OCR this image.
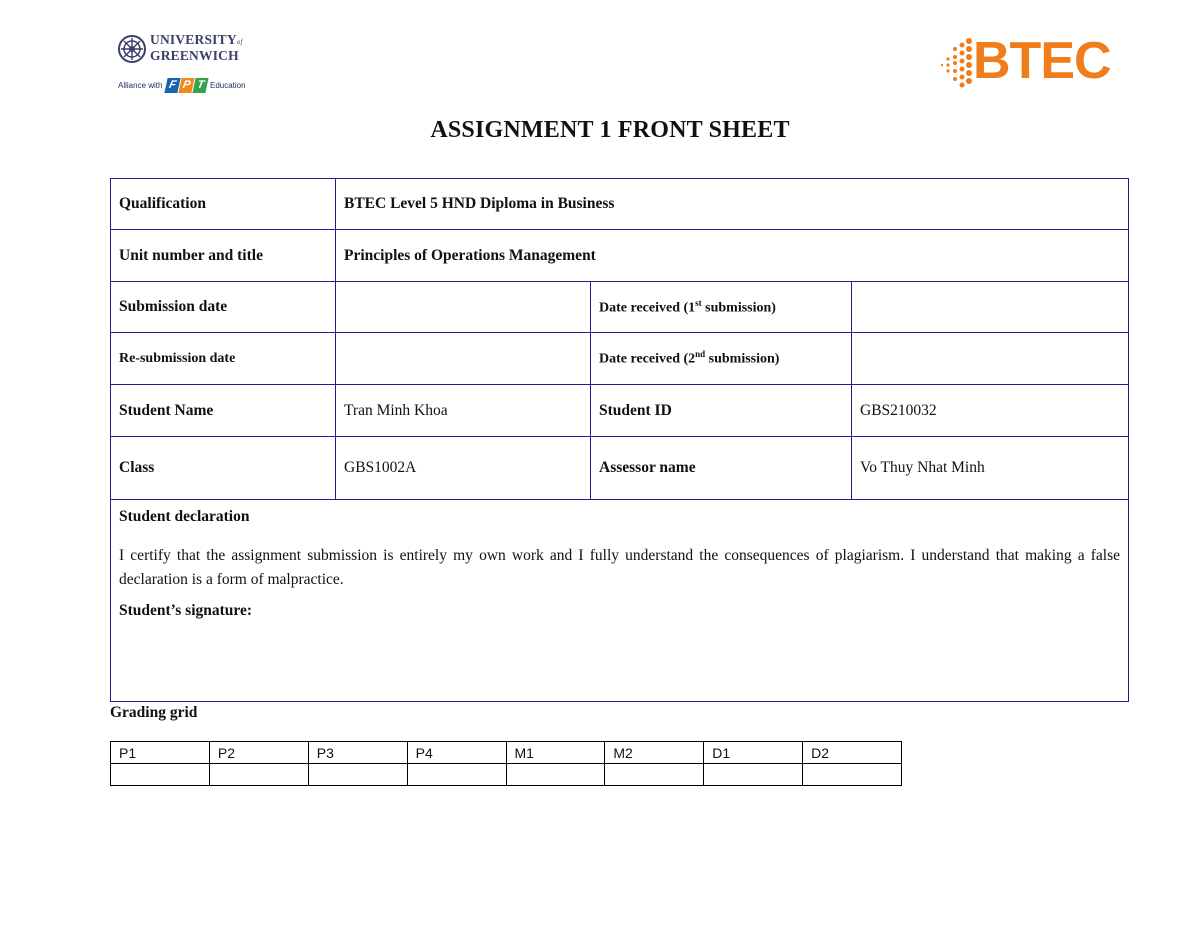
UNIVERSITYof
GREENWICH
Alliance with F P T Education	BTEC
ASSIGNMENT 1 FRONT SHEET
Qualification	BTEC Level 5 HND Diploma in Business		
Unit number and title	Principles of Operations Management		
Submission date		Date received (1st submission)	
Re-submission date		Date received (2nd submission)	
Student Name	Tran Minh Khoa	Student ID	GBS210032
Class	GBS1002A	Assessor name	Vo Thuy Nhat Minh

Student declaration

I certify that the assignment submission is entirely my own work and I fully understand the consequences of plagiarism. I understand that making a false declaration is a form of malpractice.

Student’s signature:			

Grading grid
P1	P2	P3	P4	M1	M2	D1	D2
